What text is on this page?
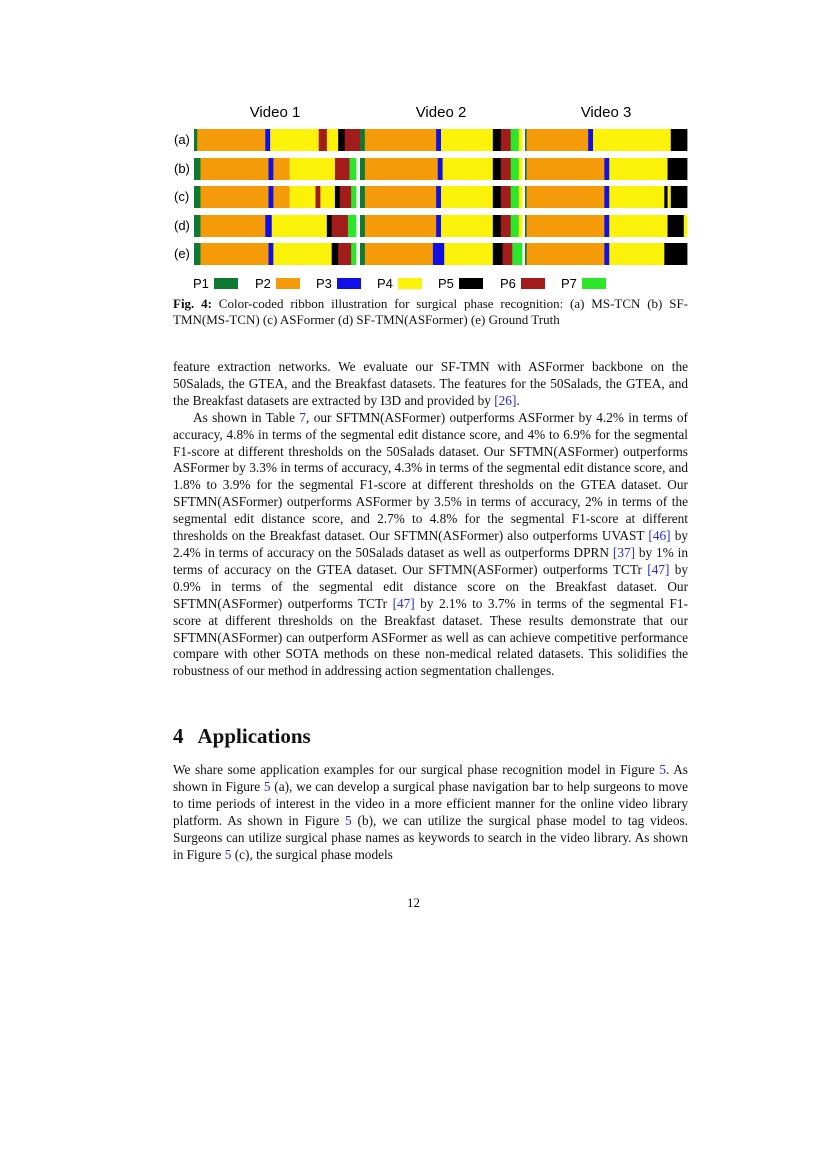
Video 1	Video 2	Video 3
(a)
(b)
(c)
(d)
(e)
P1	P2	P3	P4	P5	P6	P7
Fig. 4: Color-coded ribbon illustration for surgical phase recognition: (a) MS-TCN (b) SF-TMN(MS-TCN) (c) ASFormer (d) SF-TMN(ASFormer) (e) Ground Truth

feature extraction networks. We evaluate our SF-TMN with ASFormer backbone on the 50Salads, the GTEA, and the Breakfast datasets. The features for the 50Salads, the GTEA, and the Breakfast datasets are extracted by I3D and provided by [26].

As shown in Table 7, our SFTMN(ASFormer) outperforms ASFormer by 4.2% in terms of accuracy, 4.8% in terms of the segmental edit distance score, and 4% to 6.9% for the segmental F1-score at different thresholds on the 50Salads dataset. Our SFTMN(ASFormer) outperforms ASFormer by 3.3% in terms of accuracy, 4.3% in terms of the segmental edit distance score, and 1.8% to 3.9% for the segmental F1-score at different thresholds on the GTEA dataset. Our SFTMN(ASFormer) outperforms ASFormer by 3.5% in terms of accuracy, 2% in terms of the segmental edit distance score, and 2.7% to 4.8% for the segmental F1-score at different thresholds on the Breakfast dataset. Our SFTMN(ASFormer) also outperforms UVAST [46] by 2.4% in terms of accuracy on the 50Salads dataset as well as outperforms DPRN [37] by 1% in terms of accuracy on the GTEA dataset. Our SFTMN(ASFormer) outperforms TCTr [47] by 0.9% in terms of the segmental edit distance score on the Breakfast dataset. Our SFTMN(ASFormer) outperforms TCTr [47] by 2.1% to 3.7% in terms of the segmental F1-score at different thresholds on the Breakfast dataset. These results demonstrate that our SFTMN(ASFormer) can outperform ASFormer as well as can achieve competitive performance compare with other SOTA methods on these non-medical related datasets. This solidifies the robustness of our method in addressing action segmentation challenges.

4 Applications

We share some application examples for our surgical phase recognition model in Figure 5. As shown in Figure 5 (a), we can develop a surgical phase navigation bar to help surgeons to move to time periods of interest in the video in a more efficient manner for the online video library platform. As shown in Figure 5 (b), we can utilize the surgical phase model to tag videos. Surgeons can utilize surgical phase names as keywords to search in the video library. As shown in Figure 5 (c), the surgical phase models

12
